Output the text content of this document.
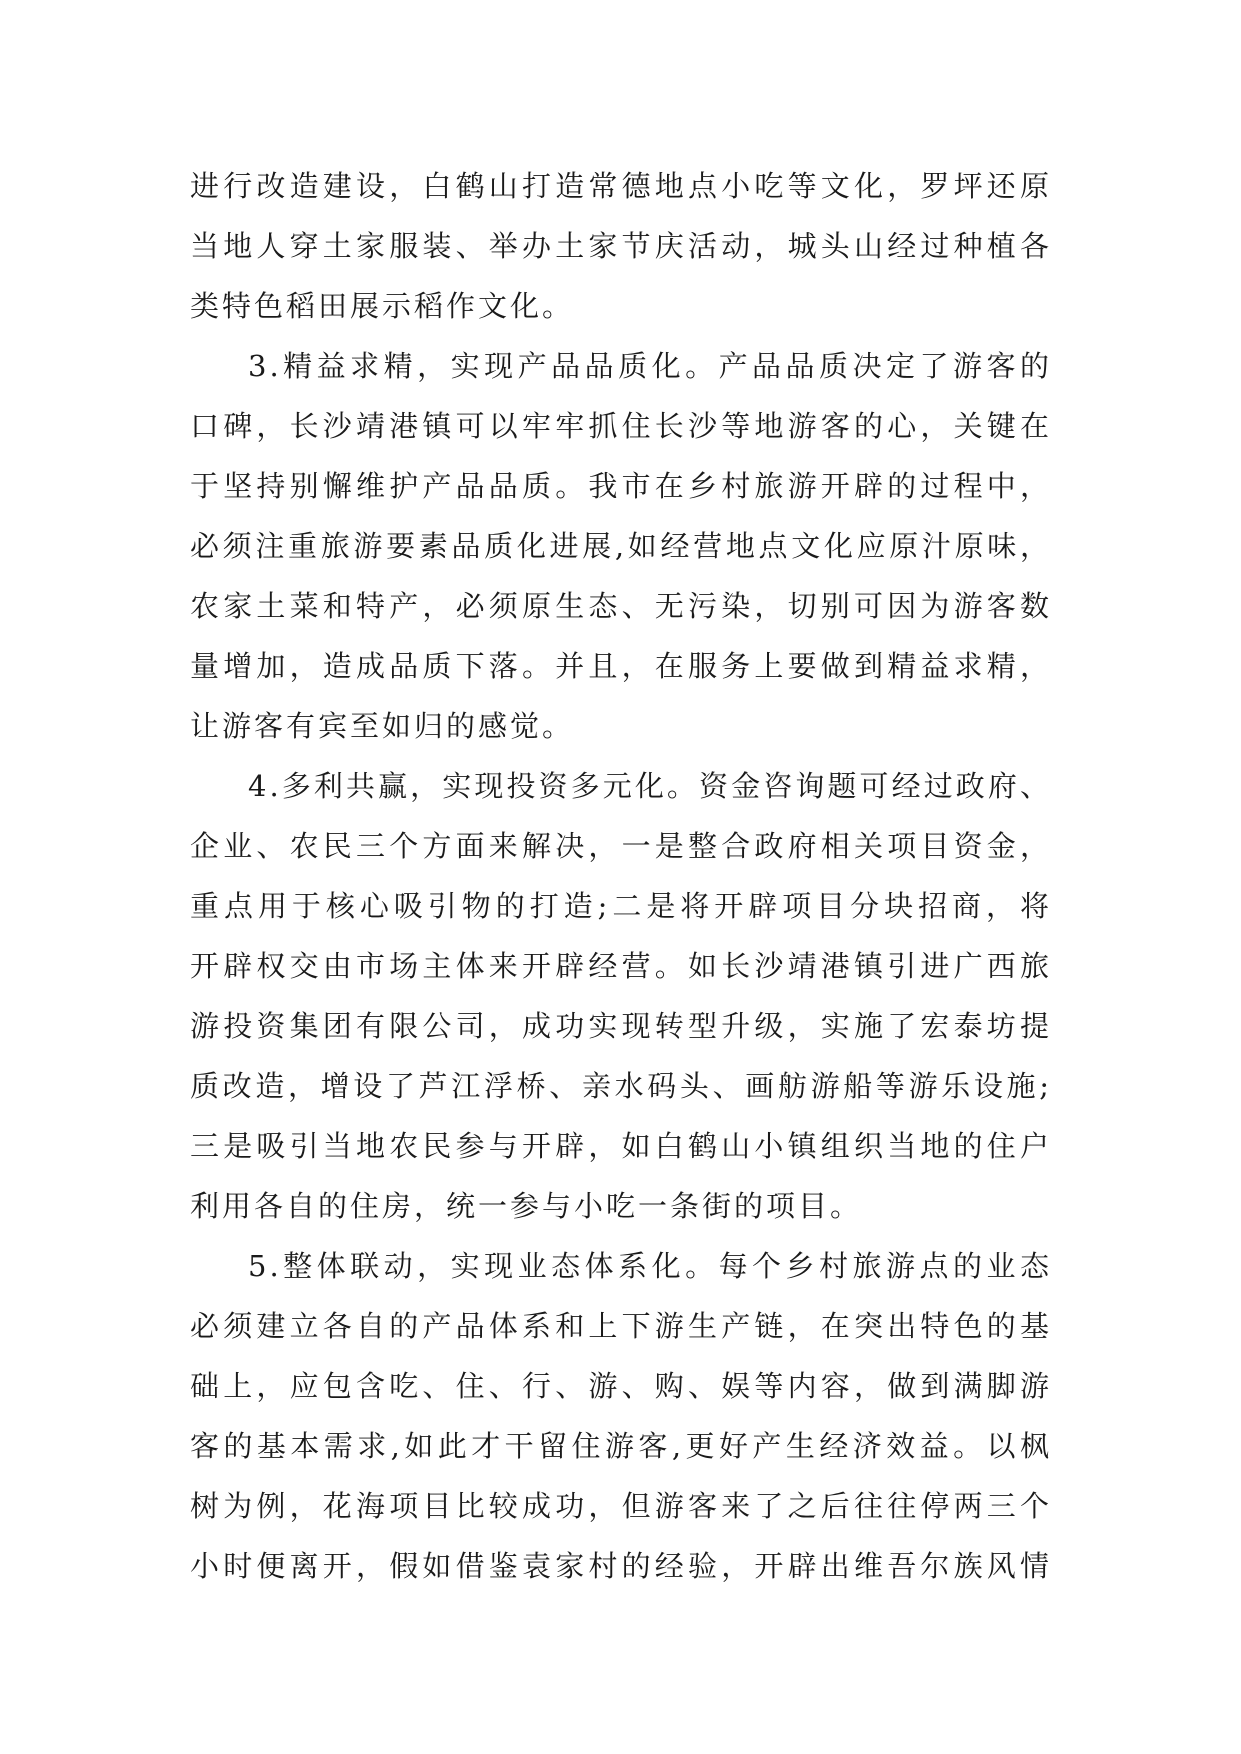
进行改造建设，白鹤山打造常德地点小吃等文化，罗坪还原
当地人穿土家服装、举办土家节庆活动，城头山经过种植各
类特色稻田展示稻作文化。
3.精益求精，实现产品品质化。产品品质决定了游客的
口碑，长沙靖港镇可以牢牢抓住长沙等地游客的心，关键在
于坚持别懈维护产品品质。我市在乡村旅游开辟的过程中，
必须注重旅游要素品质化进展,如经营地点文化应原汁原味，
农家土菜和特产，必须原生态、无污染，切别可因为游客数
量增加，造成品质下落。并且，在服务上要做到精益求精，
让游客有宾至如归的感觉。
4.多利共赢，实现投资多元化。资金咨询题可经过政府、
企业、农民三个方面来解决，一是整合政府相关项目资金，
重点用于核心吸引物的打造;二是将开辟项目分块招商，将
开辟权交由市场主体来开辟经营。如长沙靖港镇引进广西旅
游投资集团有限公司，成功实现转型升级，实施了宏泰坊提
质改造，增设了芦江浮桥、亲水码头、画舫游船等游乐设施;
三是吸引当地农民参与开辟，如白鹤山小镇组织当地的住户
利用各自的住房，统一参与小吃一条街的项目。
5.整体联动，实现业态体系化。每个乡村旅游点的业态
必须建立各自的产品体系和上下游生产链，在突出特色的基
础上，应包含吃、住、行、游、购、娱等内容，做到满脚游
客的基本需求,如此才干留住游客,更好产生经济效益。以枫
树为例，花海项目比较成功，但游客来了之后往往停两三个
小时便离开，假如借鉴袁家村的经验，开辟出维吾尔族风情
